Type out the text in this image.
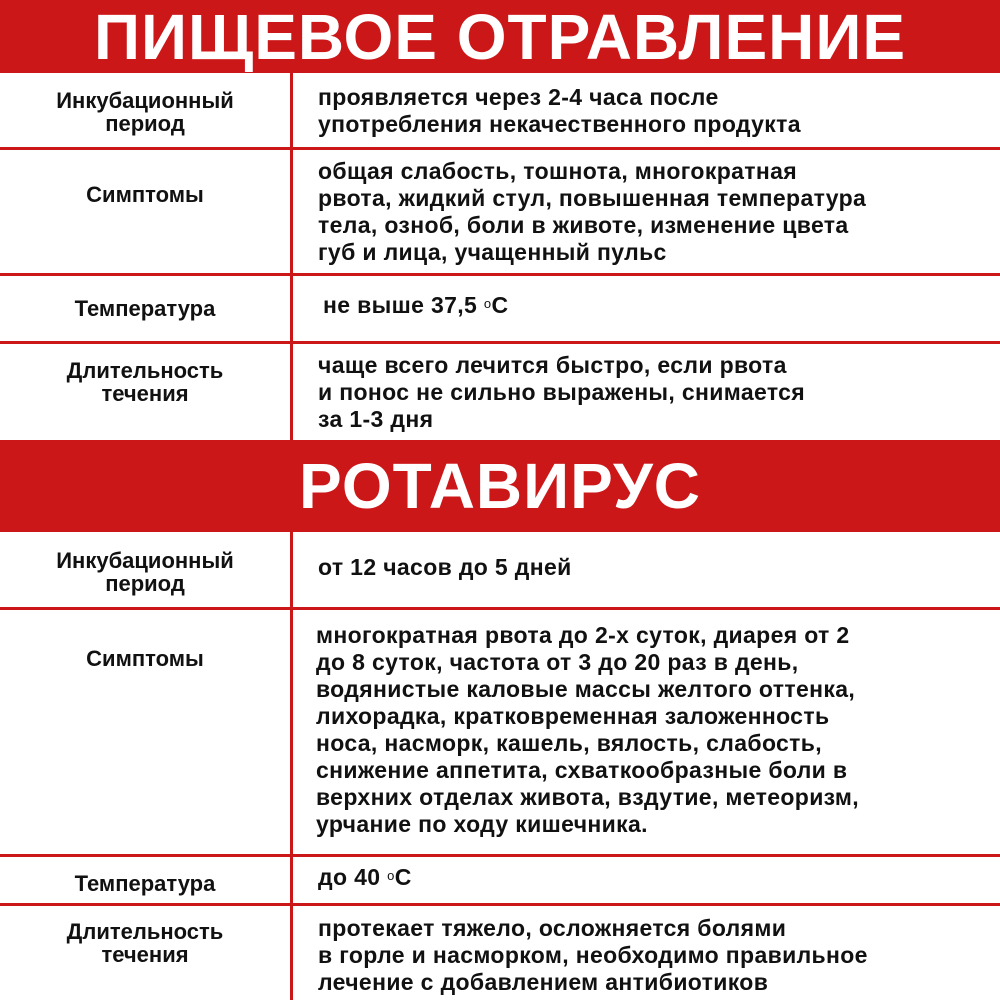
ПИЩЕВОЕ ОТРАВЛЕНИЕ
Инкубационный
период
проявляется через 2-4 часа после
употребления некачественного продукта
Симптомы
общая слабость, тошнота, многократная
рвота, жидкий стул, повышенная температура
тела, озноб, боли в животе, изменение цвета
губ и лица, учащенный пульс
Температура	не выше 37,5 $^о$С
Длительность
течения
чаще всего лечится быстро, если рвота
и понос не сильно выражены, снимается
за 1-3 дня
РОТАВИРУС
Инкубационный
период
от 12 часов до 5 дней
Симптомы
многократная рвота до 2-х суток, диарея от 2
до 8 суток, частота от 3 до 20 раз в день,
водянистые каловые массы желтого оттенка,
лихорадка, кратковременная заложенность
носа, насморк, кашель, вялость, слабость,
снижение аппетита, схваткообразные боли в
верхних отделах живота, вздутие, метеоризм,
урчание по ходу кишечника.
Температура	до 40 $^о$С
Длительность
течения
протекает тяжело, осложняется болями
в горле и насморком, необходимо правильное
лечение с добавлением антибиотиков
